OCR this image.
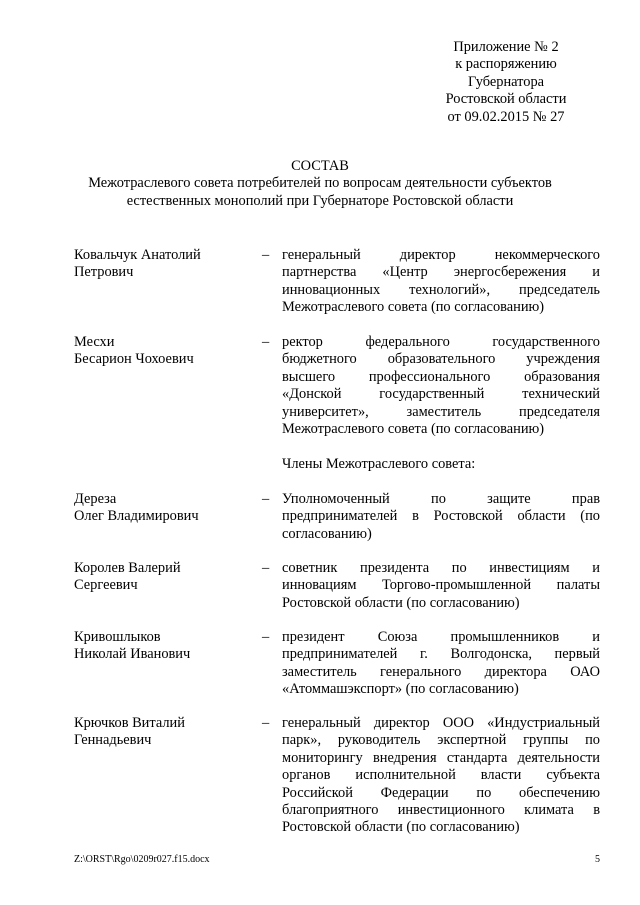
Приложение № 2
к распоряжению
Губернатора
Ростовской области
от 09.02.2015 № 27
СОСТАВ
Межотраслевого совета потребителей по вопросам деятельности субъектов
естественных монополий при Губернаторе Ростовской области
Ковальчук Анатолий
Петрович
– генеральный директор некоммерческого партнерства «Центр энергосбережения и инновационных технологий», председатель Межотраслевого совета (по согласованию)
Месхи
Бесарион Чохоевич
– ректор федерального государственного бюджетного образовательного учреждения высшего профессионального образования «Донской государственный технический университет», заместитель председателя Межотраслевого совета (по согласованию)
Члены Межотраслевого совета:
Дереза
Олег Владимирович
– Уполномоченный по защите прав предпринимателей в Ростовской области (по согласованию)
Королев Валерий
Сергеевич
– советник президента по инвестициям и инновациям Торгово-промышленной палаты Ростовской области (по согласованию)
Кривошлыков
Николай Иванович
– президент Союза промышленников и предпринимателей г. Волгодонска, первый заместитель генерального директора ОАО «Атоммашэкспорт» (по согласованию)
Крючков Виталий
Геннадьевич
– генеральный директор ООО «Индустриальный парк», руководитель экспертной группы по мониторингу внедрения стандарта деятельности органов исполнительной власти субъекта Российской Федерации по обеспечению благоприятного инвестиционного климата в Ростовской области (по согласованию)
Z:\ORST\Rgo\0209r027.f15.docx	5
